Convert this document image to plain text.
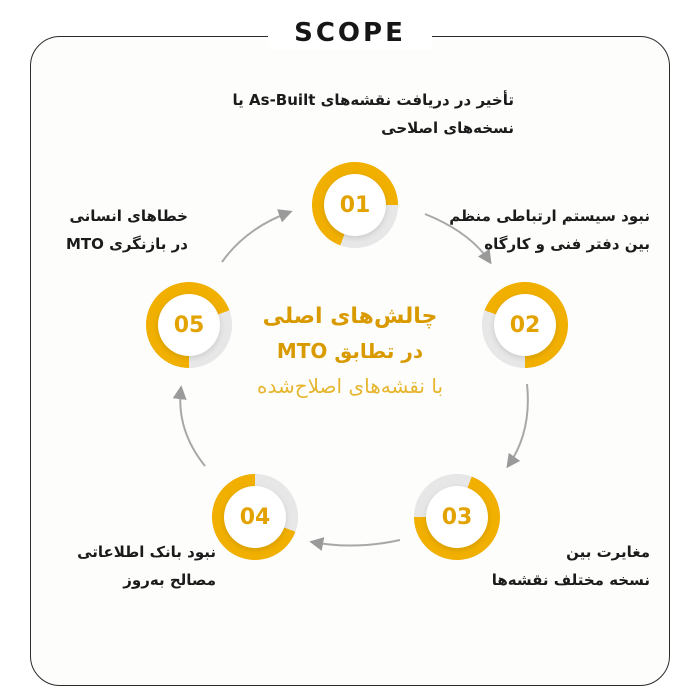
SCOPE
01
02
03
04
05	چالش‌های اصلی
در تطابق MTO
با نقشه‌های اصلاح‌شده
تأخیر در دریافت نقشه‌های As-Built یا
نسخه‌های اصلاحی
نبود سیستم ارتباطی منظم
بین دفتر فنی و کارگاه
مغایرت بین
نسخه مختلف نقشه‌ها
نبود بانک اطلاعاتی
مصالح به‌روز
خطاهای انسانی
در بازنگری MTO
